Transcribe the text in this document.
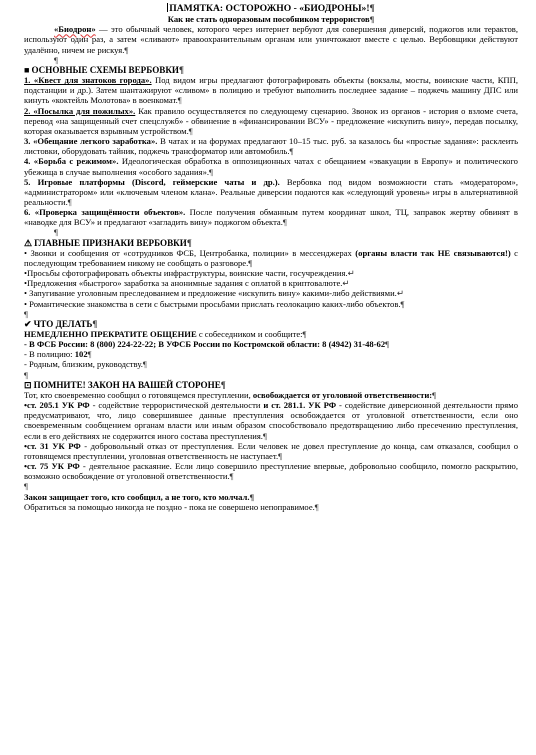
ПАМЯТКА: ОСТОРОЖНО - «БИОДРОНЫ»!¶

Как не стать одноразовым пособником террористов¶

«Биодрон» — это обычный человек, которого через интернет вербуют для совершения диверсий, поджогов или терактов, используют один раз, а затем «сливают» правоохранительным органам или уничтожают вместе с целью. Вербовщики действуют удалённо, ничем не рискуя.¶

¶

■ ОСНОВНЫЕ СХЕМЫ ВЕРБОВКИ¶

1. «Квест для знатоков города». Под видом игры предлагают фотографировать объекты (вокзалы, мосты, воинские части, КПП, подстанции и др.). Затем шантажируют «сливом» в полицию и требуют выполнить последнее задание – поджечь машину ДПС или кинуть «коктейль Молотова» в военкомат.¶

2. «Посылка для пожилых». Как правило осуществляется по следующему сценарию. Звонок из органов - история о взломе счета, перевод «на защищенный счет спецслужб» - обвинение в «финансировании ВСУ» - предложение «искупить вину», передав посылку, которая оказывается взрывным устройством.¶

3. «Обещание легкого заработка». В чатах и на форумах предлагают 10–15 тыс. руб. за казалось бы «простые задания»: расклеить листовки, оборудовать тайник, поджечь трансформатор или автомобиль.¶

4. «Борьба с режимом». Идеологическая обработка в оппозиционных чатах с обещанием «эвакуации в Европу» и политического убежища в случае выполнения «особого задания».¶

5. Игровые платформы (Discord, геймерские чаты и др.). Вербовка под видом возможности стать «модератором», «администратором» или «ключевым членом клана». Реальные диверсии подаются как «следующий уровень» игры в альтернативной реальности.¶

6. «Проверка защищённости объектов». После получения обманным путем координат школ, ТЦ, заправок жертву обвинят в «наводке для ВСУ» и предлагают «загладить вину» поджогом объекта.¶

¶

⚠ ГЛАВНЫЕ ПРИЗНАКИ ВЕРБОВКИ¶

• Звонки и сообщения от «сотрудников ФСБ, Центробанка, полиции» в мессенджерах (органы власти так НЕ связываются!) с последующим требованием никому не сообщать о разговоре.¶

•Просьбы сфотографировать объекты инфраструктуры, воинские части, госучреждения.↵

•Предложения «быстрого» заработка за анонимные задания с оплатой в криптовалюте.↵

• Запугивание уголовным преследованием и предложение «искупить вину» какими-либо действиями.↵

• Романтические знакомства в сети с быстрыми просьбами прислать геолокацию каких-либо объектов.¶

¶

✔ ЧТО ДЕЛАТЬ¶

НЕМЕДЛЕННО ПРЕКРАТИТЕ ОБЩЕНИЕ с собеседником и сообщите:¶

- В ФСБ России: 8 (800) 224-22-22; В УФСБ России по Костромской области: 8 (4942) 31-48-62¶

- В полицию: 102¶

- Родным, близким, руководству.¶

¶

⊡ ПОМНИТЕ! ЗАКОН НА ВАШЕЙ СТОРОНЕ¶

Тот, кто своевременно сообщил о готовящемся преступлении, освобождается от уголовной ответственности:¶

•ст. 205.1 УК РФ - содействие террористической деятельности и ст. 281.1. УК РФ - содействие диверсионной деятельности прямо предусматривают, что, лицо совершившее данные преступления освобождается от уголовной ответственности, если оно своевременным сообщением органам власти или иным образом способствовало предотвращению либо пресечению преступления, если в его действиях не содержится иного состава преступления.¶

•ст. 31 УК РФ - добровольный отказ от преступления. Если человек не довел преступление до конца, сам отказался, сообщил о готовящемся преступлении, уголовная ответственность не наступает.¶

•ст. 75 УК РФ - деятельное раскаяние. Если лицо совершило преступление впервые, добровольно сообщило, помогло раскрытию, возможно освобождение от уголовной ответственности.¶

¶

Закон защищает того, кто сообщил, а не того, кто молчал.¶

Обратиться за помощью никогда не поздно - пока не совершено непоправимое.¶
